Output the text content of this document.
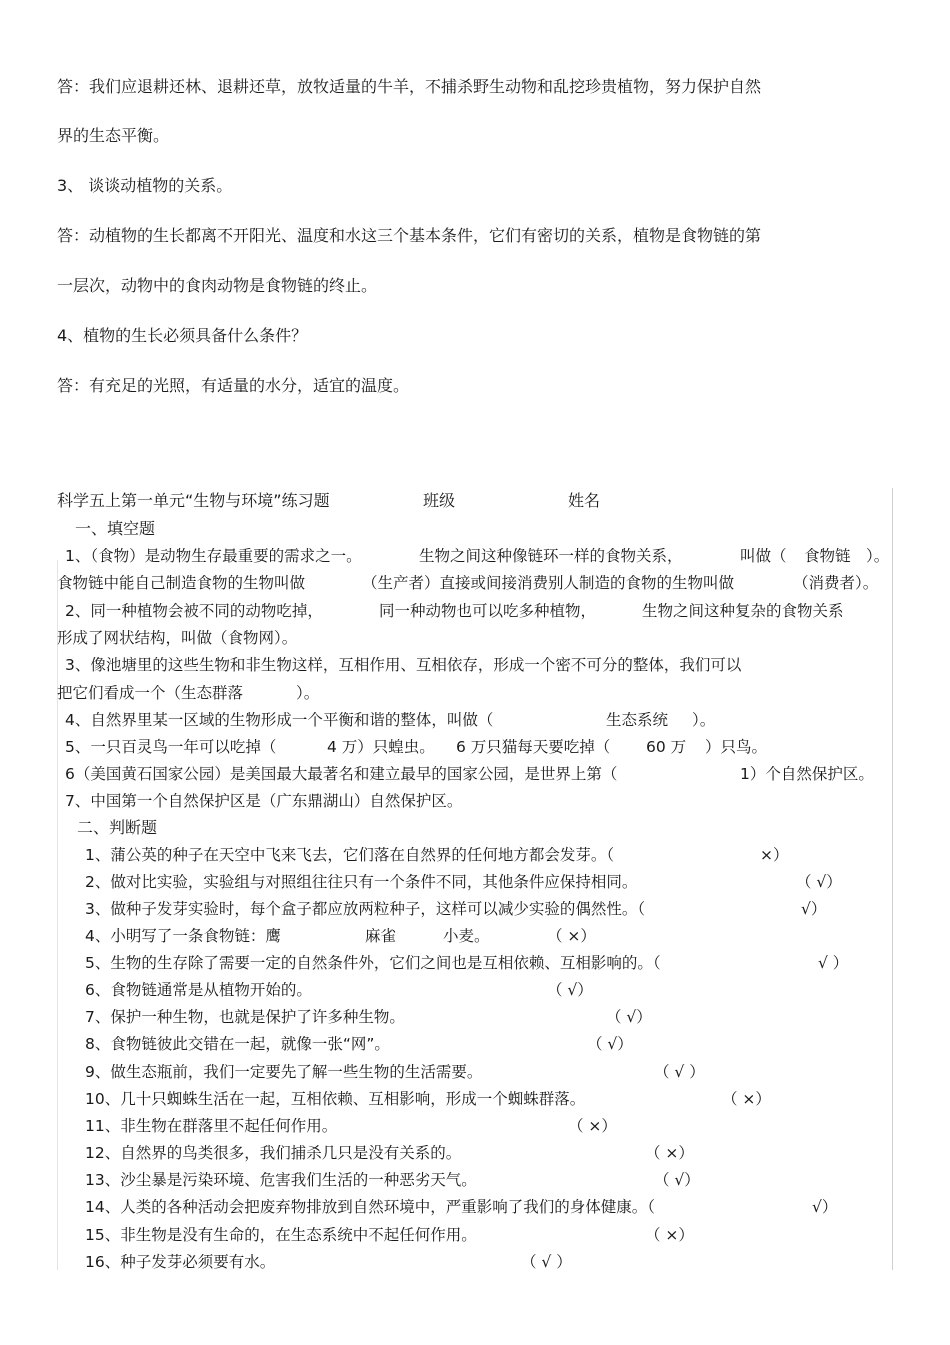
答：我们应退耕还林、退耕还草，放牧适量的牛羊，不捕杀野生动物和乱挖珍贵植物，努力保护自然
界的生态平衡。
3、 谈谈动植物的关系。
答：动植物的生长都离不开阳光、温度和水这三个基本条件，它们有密切的关系，植物是食物链的第
一层次，动物中的食肉动物是食物链的终止。
4、植物的生长必须具备什么条件？
答：有充足的光照，有适量的水分，适宜的温度。
科学五上第一单元“生物与环境”练习题	班级	姓名
一、填空题
1、（食物）是动物生存最重要的需求之一。	生物之间这种像链环一样的食物关系，	叫做（ 食物链 ）。
食物链中能自己制造食物的生物叫做	（生产者）直接或间接消费别人制造的食物的生物叫做	（消费者）。
2、同一种植物会被不同的动物吃掉，	同一种动物也可以吃多种植物，	生物之间这种复杂的食物关系
形成了网状结构，叫做（食物网）。
3、像池塘里的这些生物和非生物这样，互相作用、互相依存，形成一个密不可分的整体，我们可以
把它们看成一个（生态群落	）。
4、自然界里某一区域的生物形成一个平衡和谐的整体，叫做（	生态系统 ）。
5、一只百灵鸟一年可以吃掉（	4 万）只蝗虫。 6 万只猫每天要吃掉（ 60 万 ）只鸟。
6（美国黄石国家公园）是美国最大最著名和建立最早的国家公园，是世界上第（	1）个自然保护区。
7、中国第一个自然保护区是（广东鼎湖山）自然保护区。
二、判断题
1、蒲公英的种子在天空中飞来飞去，它们落在自然界的任何地方都会发芽。（	×）
2、做对比实验，实验组与对照组往往只有一个条件不同，其他条件应保持相同。	（ √）
3、做种子发芽实验时，每个盒子都应放两粒种子，这样可以减少实验的偶然性。（	√）
4、小明写了一条食物链：鹰	麻雀	小麦。	（ ×）
5、生物的生存除了需要一定的自然条件外，它们之间也是互相依赖、互相影响的。（	√ ）
6、食物链通常是从植物开始的。	（ √）
7、保护一种生物，也就是保护了许多种生物。	（ √）
8、食物链彼此交错在一起，就像一张“网”。	（ √）
9、做生态瓶前，我们一定要先了解一些生物的生活需要。	（ √ ）
10、几十只蜘蛛生活在一起，互相依赖、互相影响，形成一个蜘蛛群落。	（ ×）
11、非生物在群落里不起任何作用。	（ ×）
12、自然界的鸟类很多，我们捕杀几只是没有关系的。	（ ×）
13、沙尘暴是污染环境、危害我们生活的一种恶劣天气。	（ √）
14、人类的各种活动会把废弃物排放到自然环境中，严重影响了我们的身体健康。（	√）
15、非生物是没有生命的，在生态系统中不起任何作用。	（ ×）
16、种子发芽必须要有水。	（ √ ）
